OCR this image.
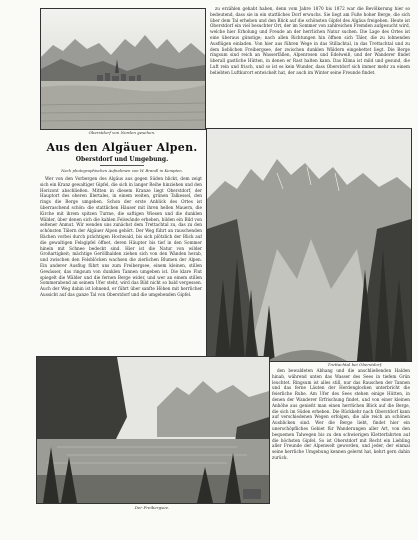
Oberstdorf von Norden gesehen.

zu erzählen gehabt haben, denn vom Jahre 1870 bis 1872 war die Bevölkerung hier so bedeutend, dass sie in ein stattliches Dorf erwuchs. Sie liegt am Fuße hoher Berge, die sich über dem Tal erheben und den Blick auf die schönsten Gipfel des Algäus freigeben. Heute ist Oberstdorf ein viel besuchter Ort, der im Sommer von zahlreichen Fremden aufgesucht wird, welche hier Erholung und Freude an der herrlichen Natur suchen. Die Lage des Ortes ist eine überaus günstige; nach allen Richtungen hin öffnen sich Täler, die zu lohnenden Ausflügen einladen. Von hier aus führen Wege in das Stillachtal, in das Trettachtal und zu dem lieblichen Freibergsee, der zwischen dunklen Wäldern eingebettet liegt. Die Berge ringsum sind reich an Wasserfällen, Alpenrosen und Edelweiß, und der Wanderer findet überall gastliche Hütten, in denen er Rast halten kann. Das Klima ist mild und gesund, die Luft rein und frisch, und so ist es kein Wunder, dass Oberstdorf sich immer mehr zu einem beliebten Luftkurort entwickelt hat, der auch im Winter seine Freunde findet.

Aus den Algäuer Alpen.
Oberstdorf und Umgebung.
Nach photographischen Aufnahmen von W. Brandl in Kempten.

Wer von den Vorbergen des Algäus aus gegen Süden blickt, dem zeigt sich ein Kranz gewaltiger Gipfel, die sich in langer Reihe hinziehen und den Horizont abschließen. Mitten in diesem Kranze liegt Oberstdorf, der Hauptort des oberen Illertales, in einem weiten, grünen Talkessel, den rings die Berge umgeben. Schon der erste Anblick des Ortes ist überraschend schön: die stattlichen Häuser mit ihren hellen Mauern, die Kirche mit ihrem spitzen Turme, die saftigen Wiesen und die dunklen Wälder, über denen sich die kahlen Felswände erheben, bilden ein Bild von seltener Anmut. Wir wenden uns zunächst dem Trettachtal zu, das zu den schönsten Tälern der Algäuer Alpen gehört. Der Weg führt an rauschenden Bächen vorbei durch prächtigen Hochwald, bis sich plötzlich der Blick auf die gewaltigen Felsgipfel öffnet, deren Häupter bis tief in den Sommer hinein mit Schnee bedeckt sind. Hier ist die Natur von wilder Großartigkeit; mächtige Geröllhalden ziehen sich von den Wänden herab, und zwischen den Felsblöcken wachsen die zierlichen Blumen der Alpen. Ein anderer Ausflug führt uns zum Freibergsee, einem kleinen, stillen Gewässer, das ringsum von dunklen Tannen umgeben ist. Die klare Flut spiegelt die Wälder und die fernen Berge wider, und wer an einem stillen Sommerabend an seinem Ufer steht, wird das Bild nicht so bald vergessen. Auch der Weg dahin ist lohnend, er führt über sanfte Höhen mit herrlicher Aussicht auf das ganze Tal von Oberstdorf und die umgebenden Gipfel.

Trettachtal bei Oberstdorf.
Der Freibergsee.

den bewaldeten Abhang und die anschließenden Halden hinab, während unten das Wasser des Sees in tiefem Grün leuchtet. Ringsum ist alles still, nur das Rauschen der Tannen und das ferne Läuten der Herdenglocken unterbricht die feierliche Ruhe. Am Ufer des Sees stehen einige Hütten, in denen der Wanderer Erfrischung findet, und von einer kleinen Anhöhe aus genießt man einen herrlichen Blick auf die Berge, die sich im Süden erheben. Die Rückkehr nach Oberstdorf kann auf verschiedenen Wegen erfolgen, die alle reich an schönen Ausblicken sind. Wer die Berge liebt, findet hier ein unerschöpfliches Gebiet für Wanderungen aller Art, von den bequemen Talwegen bis zu den schwierigen Kletterfahrten auf die höchsten Gipfel. So ist Oberstdorf mit Recht ein Liebling aller Freunde der Alpenwelt geworden, und jeder, der einmal seine herrliche Umgebung kennen gelernt hat, kehrt gern dahin zurück.
